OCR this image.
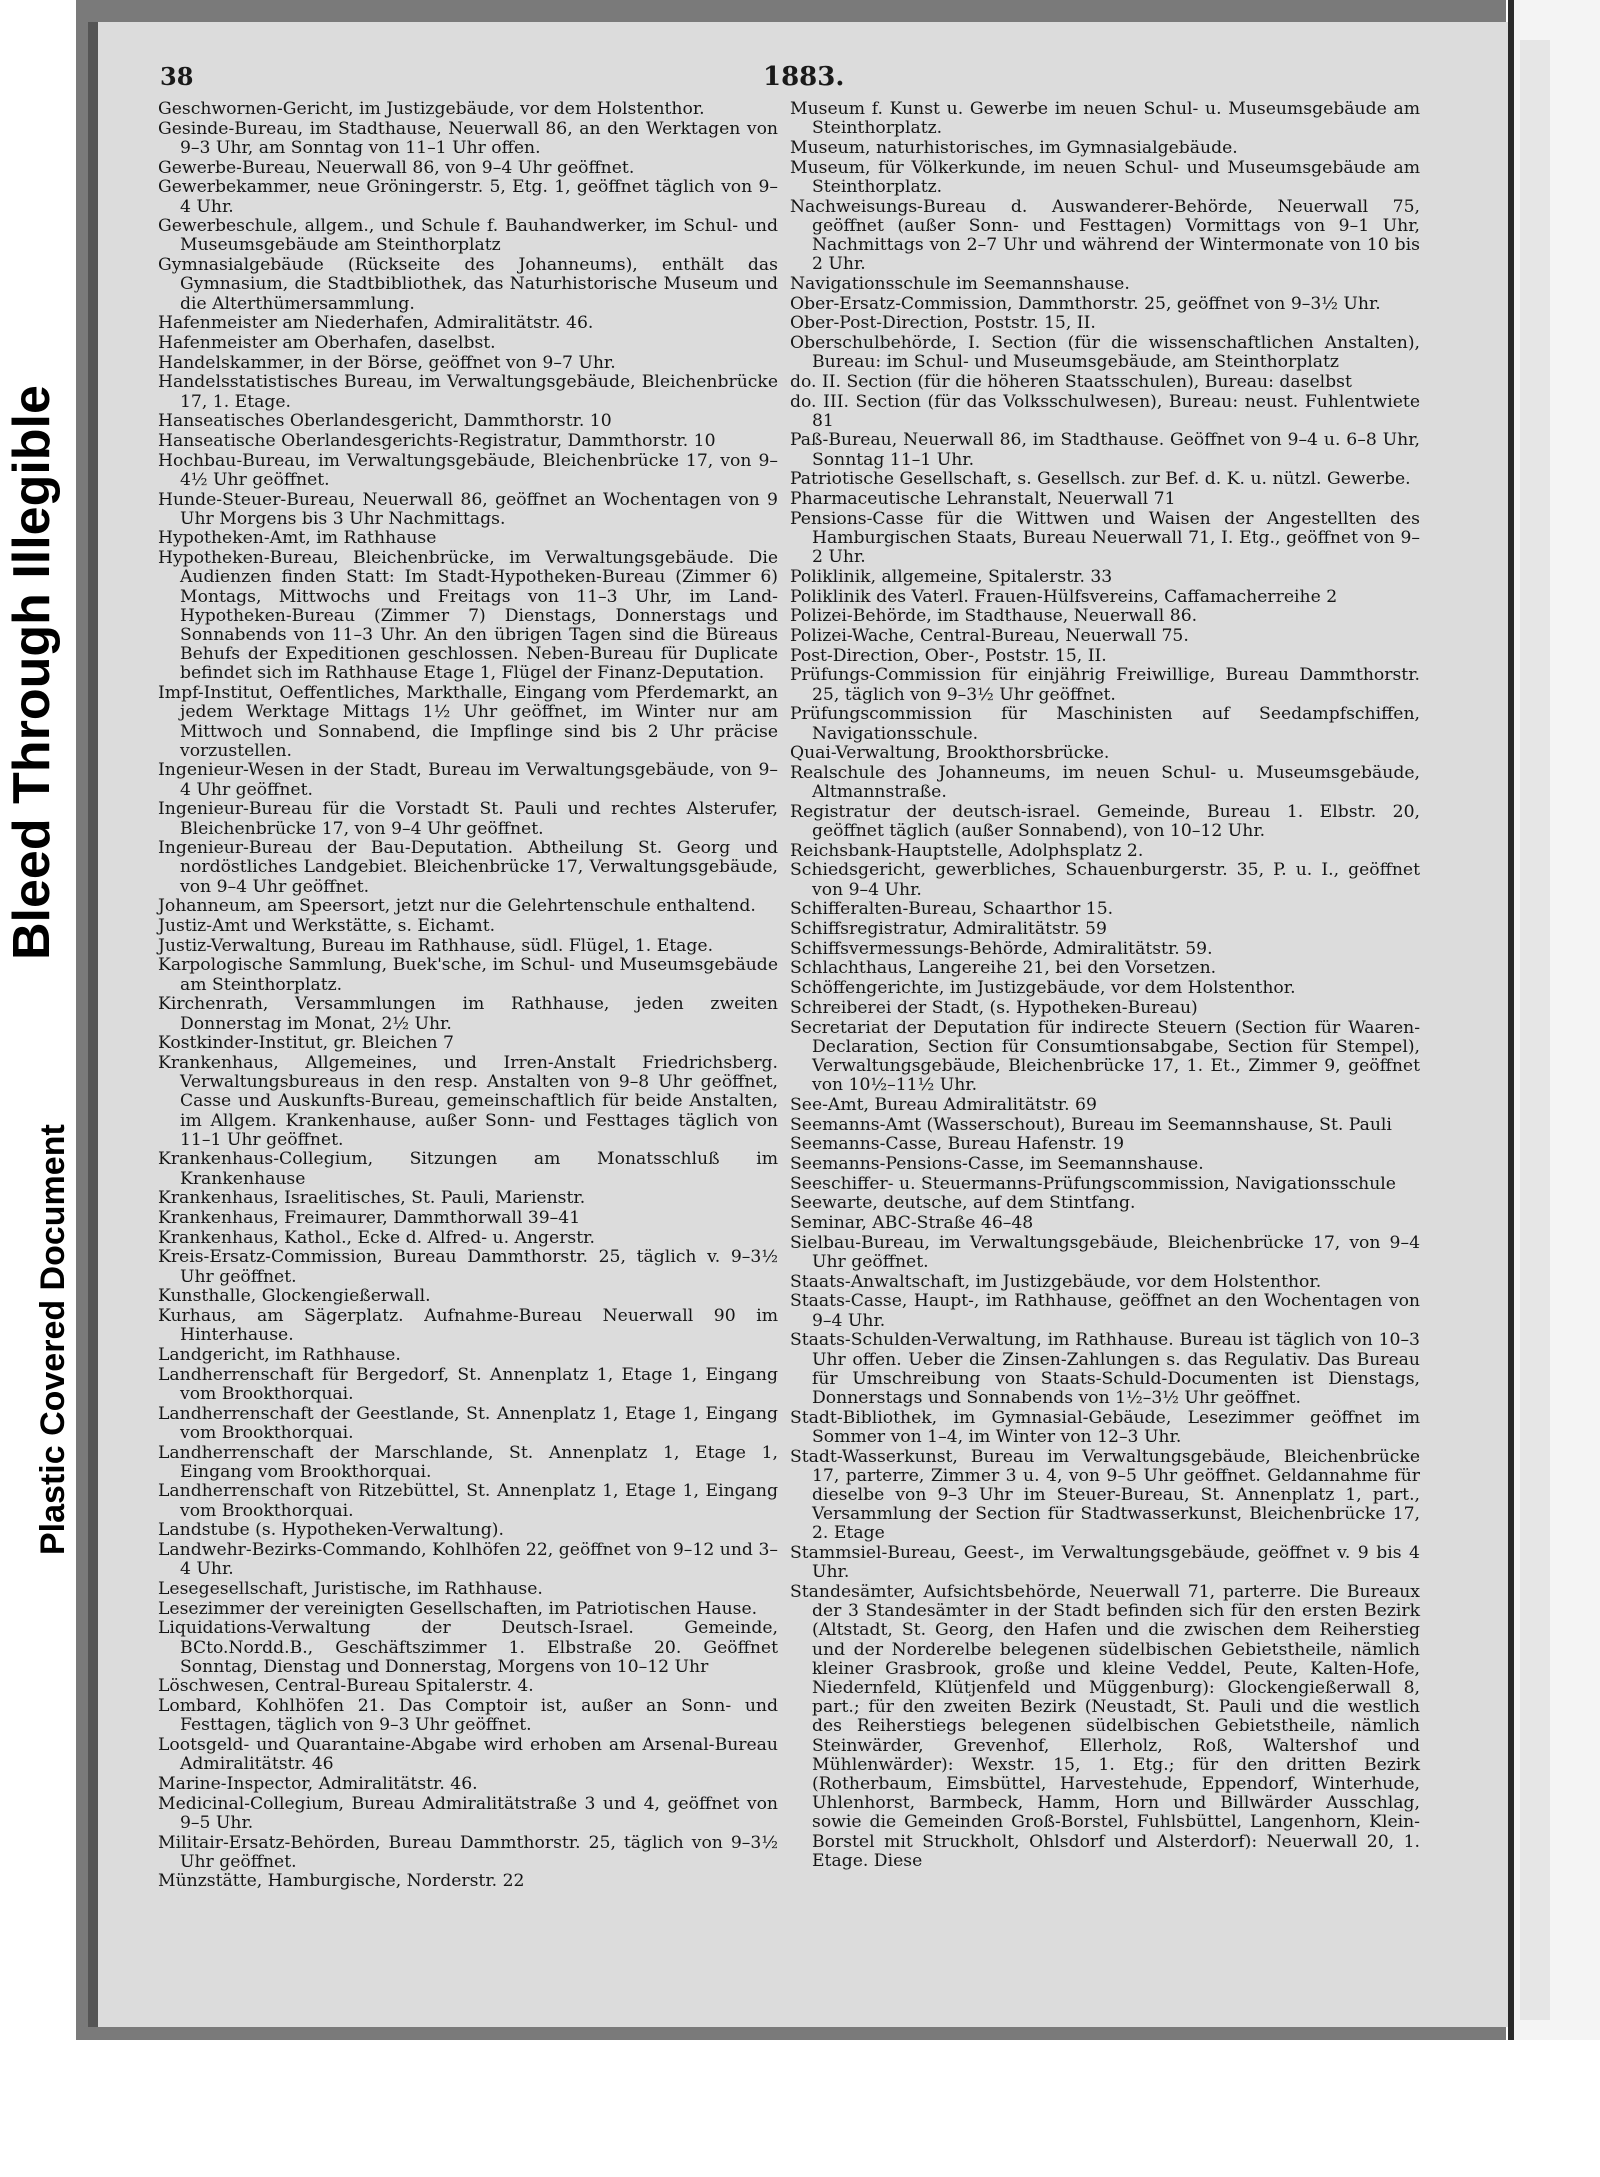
Bleed Through Illegible
Plastic Covered Document
38	1883.

Geschwornen-Gericht, im Justizgebäude, vor dem Holstenthor.

Gesinde-Bureau, im Stadthause, Neuerwall 86, an den Werktagen von 9–3 Uhr, am Sonntag von 11–1 Uhr offen.

Gewerbe-Bureau, Neuerwall 86, von 9–4 Uhr geöffnet.

Gewerbekammer, neue Gröningerstr. 5, Etg. 1, geöffnet täglich von 9–4 Uhr.

Gewerbeschule, allgem., und Schule f. Bauhandwerker, im Schul- und Museumsgebäude am Steinthorplatz

Gymnasialgebäude (Rückseite des Johanneums), enthält das Gymnasium, die Stadtbibliothek, das Naturhistorische Museum und die Alterthümersammlung.

Hafenmeister am Niederhafen, Admiralitätstr. 46.

Hafenmeister am Oberhafen, daselbst.

Handelskammer, in der Börse, geöffnet von 9–7 Uhr.

Handelsstatistisches Bureau, im Verwaltungsgebäude, Bleichenbrücke 17, 1. Etage.

Hanseatisches Oberlandesgericht, Dammthorstr. 10

Hanseatische Oberlandesgerichts-Registratur, Dammthorstr. 10

Hochbau-Bureau, im Verwaltungsgebäude, Bleichenbrücke 17, von 9–4½ Uhr geöffnet.

Hunde-Steuer-Bureau, Neuerwall 86, geöffnet an Wochentagen von 9 Uhr Morgens bis 3 Uhr Nachmittags.

Hypotheken-Amt, im Rathhause

Hypotheken-Bureau, Bleichenbrücke, im Verwaltungsgebäude. Die Audienzen finden Statt: Im Stadt-Hypotheken-Bureau (Zimmer 6) Montags, Mittwochs und Freitags von 11–3 Uhr, im Land-Hypotheken-Bureau (Zimmer 7) Dienstags, Donnerstags und Sonnabends von 11–3 Uhr. An den übrigen Tagen sind die Büreaus Behufs der Expeditionen geschlossen. Neben-Bureau für Duplicate befindet sich im Rathhause Etage 1, Flügel der Finanz-Deputation.

Impf-Institut, Oeffentliches, Markthalle, Eingang vom Pferdemarkt, an jedem Werktage Mittags 1½ Uhr geöffnet, im Winter nur am Mittwoch und Sonnabend, die Impflinge sind bis 2 Uhr präcise vorzustellen.

Ingenieur-Wesen in der Stadt, Bureau im Verwaltungsgebäude, von 9–4 Uhr geöffnet.

Ingenieur-Bureau für die Vorstadt St. Pauli und rechtes Alsterufer, Bleichenbrücke 17, von 9–4 Uhr geöffnet.

Ingenieur-Bureau der Bau-Deputation. Abtheilung St. Georg und nordöstliches Landgebiet. Bleichenbrücke 17, Verwaltungsgebäude, von 9–4 Uhr geöffnet.

Johanneum, am Speersort, jetzt nur die Gelehrtenschule enthaltend.

Justiz-Amt und Werkstätte, s. Eichamt.

Justiz-Verwaltung, Bureau im Rathhause, südl. Flügel, 1. Etage.

Karpologische Sammlung, Buek'sche, im Schul- und Museumsgebäude am Steinthorplatz.

Kirchenrath, Versammlungen im Rathhause, jeden zweiten Donnerstag im Monat, 2½ Uhr.

Kostkinder-Institut, gr. Bleichen 7

Krankenhaus, Allgemeines, und Irren-Anstalt Friedrichsberg. Verwaltungsbureaus in den resp. Anstalten von 9–8 Uhr geöffnet, Casse und Auskunfts-Bureau, gemeinschaftlich für beide Anstalten, im Allgem. Krankenhause, außer Sonn- und Festtages täglich von 11–1 Uhr geöffnet.

Krankenhaus-Collegium, Sitzungen am Monatsschluß im Krankenhause

Krankenhaus, Israelitisches, St. Pauli, Marienstr.

Krankenhaus, Freimaurer, Dammthorwall 39–41

Krankenhaus, Kathol., Ecke d. Alfred- u. Angerstr.

Kreis-Ersatz-Commission, Bureau Dammthorstr. 25, täglich v. 9–3½ Uhr geöffnet.

Kunsthalle, Glockengießerwall.

Kurhaus, am Sägerplatz. Aufnahme-Bureau Neuerwall 90 im Hinterhause.

Landgericht, im Rathhause.

Landherrenschaft für Bergedorf, St. Annenplatz 1, Etage 1, Eingang vom Brookthorquai.

Landherrenschaft der Geestlande, St. Annenplatz 1, Etage 1, Eingang vom Brookthorquai.

Landherrenschaft der Marschlande, St. Annenplatz 1, Etage 1, Eingang vom Brookthorquai.

Landherrenschaft von Ritzebüttel, St. Annenplatz 1, Etage 1, Eingang vom Brookthorquai.

Landstube (s. Hypotheken-Verwaltung).

Landwehr-Bezirks-Commando, Kohlhöfen 22, geöffnet von 9–12 und 3–4 Uhr.

Lesegesellschaft, Juristische, im Rathhause.

Lesezimmer der vereinigten Gesellschaften, im Patriotischen Hause.

Liquidations-Verwaltung der Deutsch-Israel. Gemeinde, BCto.Nordd.B., Geschäftszimmer 1. Elbstraße 20. Geöffnet Sonntag, Dienstag und Donnerstag, Morgens von 10–12 Uhr

Löschwesen, Central-Bureau Spitalerstr. 4.

Lombard, Kohlhöfen 21. Das Comptoir ist, außer an Sonn- und Festtagen, täglich von 9–3 Uhr geöffnet.

Lootsgeld- und Quarantaine-Abgabe wird erhoben am Arsenal-Bureau Admiralitätstr. 46

Marine-Inspector, Admiralitätstr. 46.

Medicinal-Collegium, Bureau Admiralitätstraße 3 und 4, geöffnet von 9–5 Uhr.

Militair-Ersatz-Behörden, Bureau Dammthorstr. 25, täglich von 9–3½ Uhr geöffnet.

Münzstätte, Hamburgische, Norderstr. 22

Museum f. Kunst u. Gewerbe im neuen Schul- u. Museumsgebäude am Steinthorplatz.

Museum, naturhistorisches, im Gymnasialgebäude.

Museum, für Völkerkunde, im neuen Schul- und Museumsgebäude am Steinthorplatz.

Nachweisungs-Bureau d. Auswanderer-Behörde, Neuerwall 75, geöffnet (außer Sonn- und Festtagen) Vormittags von 9–1 Uhr, Nachmittags von 2–7 Uhr und während der Wintermonate von 10 bis 2 Uhr.

Navigationsschule im Seemannshause.

Ober-Ersatz-Commission, Dammthorstr. 25, geöffnet von 9–3½ Uhr.

Ober-Post-Direction, Poststr. 15, II.

Oberschulbehörde, I. Section (für die wissenschaftlichen Anstalten), Bureau: im Schul- und Museumsgebäude, am Steinthorplatz

do. II. Section (für die höheren Staatsschulen), Bureau: daselbst

do. III. Section (für das Volksschulwesen), Bureau: neust. Fuhlentwiete 81

Paß-Bureau, Neuerwall 86, im Stadthause. Geöffnet von 9–4 u. 6–8 Uhr, Sonntag 11–1 Uhr.

Patriotische Gesellschaft, s. Gesellsch. zur Bef. d. K. u. nützl. Gewerbe.

Pharmaceutische Lehranstalt, Neuerwall 71

Pensions-Casse für die Wittwen und Waisen der Angestellten des Hamburgischen Staats, Bureau Neuerwall 71, I. Etg., geöffnet von 9–2 Uhr.

Poliklinik, allgemeine, Spitalerstr. 33

Poliklinik des Vaterl. Frauen-Hülfsvereins, Caffamacherreihe 2

Polizei-Behörde, im Stadthause, Neuerwall 86.

Polizei-Wache, Central-Bureau, Neuerwall 75.

Post-Direction, Ober-, Poststr. 15, II.

Prüfungs-Commission für einjährig Freiwillige, Bureau Dammthorstr. 25, täglich von 9–3½ Uhr geöffnet.

Prüfungscommission für Maschinisten auf Seedampfschiffen, Navigationsschule.

Quai-Verwaltung, Brookthorsbrücke.

Realschule des Johanneums, im neuen Schul- u. Museumsgebäude, Altmannstraße.

Registratur der deutsch-israel. Gemeinde, Bureau 1. Elbstr. 20, geöffnet täglich (außer Sonnabend), von 10–12 Uhr.

Reichsbank-Hauptstelle, Adolphsplatz 2.

Schiedsgericht, gewerbliches, Schauenburgerstr. 35, P. u. I., geöffnet von 9–4 Uhr.

Schifferalten-Bureau, Schaarthor 15.

Schiffsregistratur, Admiralitätstr. 59

Schiffsvermessungs-Behörde, Admiralitätstr. 59.

Schlachthaus, Langereihe 21, bei den Vorsetzen.

Schöffengerichte, im Justizgebäude, vor dem Holstenthor.

Schreiberei der Stadt, (s. Hypotheken-Bureau)

Secretariat der Deputation für indirecte Steuern (Section für Waaren-Declaration, Section für Consumtionsabgabe, Section für Stempel), Verwaltungsgebäude, Bleichenbrücke 17, 1. Et., Zimmer 9, geöffnet von 10½–11½ Uhr.

See-Amt, Bureau Admiralitätstr. 69

Seemanns-Amt (Wasserschout), Bureau im Seemannshause, St. Pauli

Seemanns-Casse, Bureau Hafenstr. 19

Seemanns-Pensions-Casse, im Seemannshause.

Seeschiffer- u. Steuermanns-Prüfungscommission, Navigationsschule

Seewarte, deutsche, auf dem Stintfang.

Seminar, ABC-Straße 46–48

Sielbau-Bureau, im Verwaltungsgebäude, Bleichenbrücke 17, von 9–4 Uhr geöffnet.

Staats-Anwaltschaft, im Justizgebäude, vor dem Holstenthor.

Staats-Casse, Haupt-, im Rathhause, geöffnet an den Wochentagen von 9–4 Uhr.

Staats-Schulden-Verwaltung, im Rathhause. Bureau ist täglich von 10–3 Uhr offen. Ueber die Zinsen-Zahlungen s. das Regulativ. Das Bureau für Umschreibung von Staats-Schuld-Documenten ist Dienstags, Donnerstags und Sonnabends von 1½–3½ Uhr geöffnet.

Stadt-Bibliothek, im Gymnasial-Gebäude, Lesezimmer geöffnet im Sommer von 1–4, im Winter von 12–3 Uhr.

Stadt-Wasserkunst, Bureau im Verwaltungsgebäude, Bleichenbrücke 17, parterre, Zimmer 3 u. 4, von 9–5 Uhr geöffnet. Geldannahme für dieselbe von 9–3 Uhr im Steuer-Bureau, St. Annenplatz 1, part., Versammlung der Section für Stadtwasserkunst, Bleichenbrücke 17, 2. Etage

Stammsiel-Bureau, Geest-, im Verwaltungsgebäude, geöffnet v. 9 bis 4 Uhr.

Standesämter, Aufsichtsbehörde, Neuerwall 71, parterre. Die Bureaux der 3 Standesämter in der Stadt befinden sich für den ersten Bezirk (Altstadt, St. Georg, den Hafen und die zwischen dem Reiherstieg und der Norderelbe belegenen südelbischen Gebietstheile, nämlich kleiner Grasbrook, große und kleine Veddel, Peute, Kalten-Hofe, Niedernfeld, Klütjenfeld und Müggenburg): Glockengießerwall 8, part.; für den zweiten Bezirk (Neustadt, St. Pauli und die westlich des Reiherstiegs belegenen südelbischen Gebietstheile, nämlich Steinwärder, Grevenhof, Ellerholz, Roß, Waltershof und Mühlenwärder): Wexstr. 15, 1. Etg.; für den dritten Bezirk (Rotherbaum, Eimsbüttel, Harvestehude, Eppendorf, Winterhude, Uhlenhorst, Barmbeck, Hamm, Horn und Billwärder Ausschlag, sowie die Gemeinden Groß-Borstel, Fuhlsbüttel, Langenhorn, Klein-Borstel mit Struckholt, Ohlsdorf und Alsterdorf): Neuerwall 20, 1. Etage. Diese
